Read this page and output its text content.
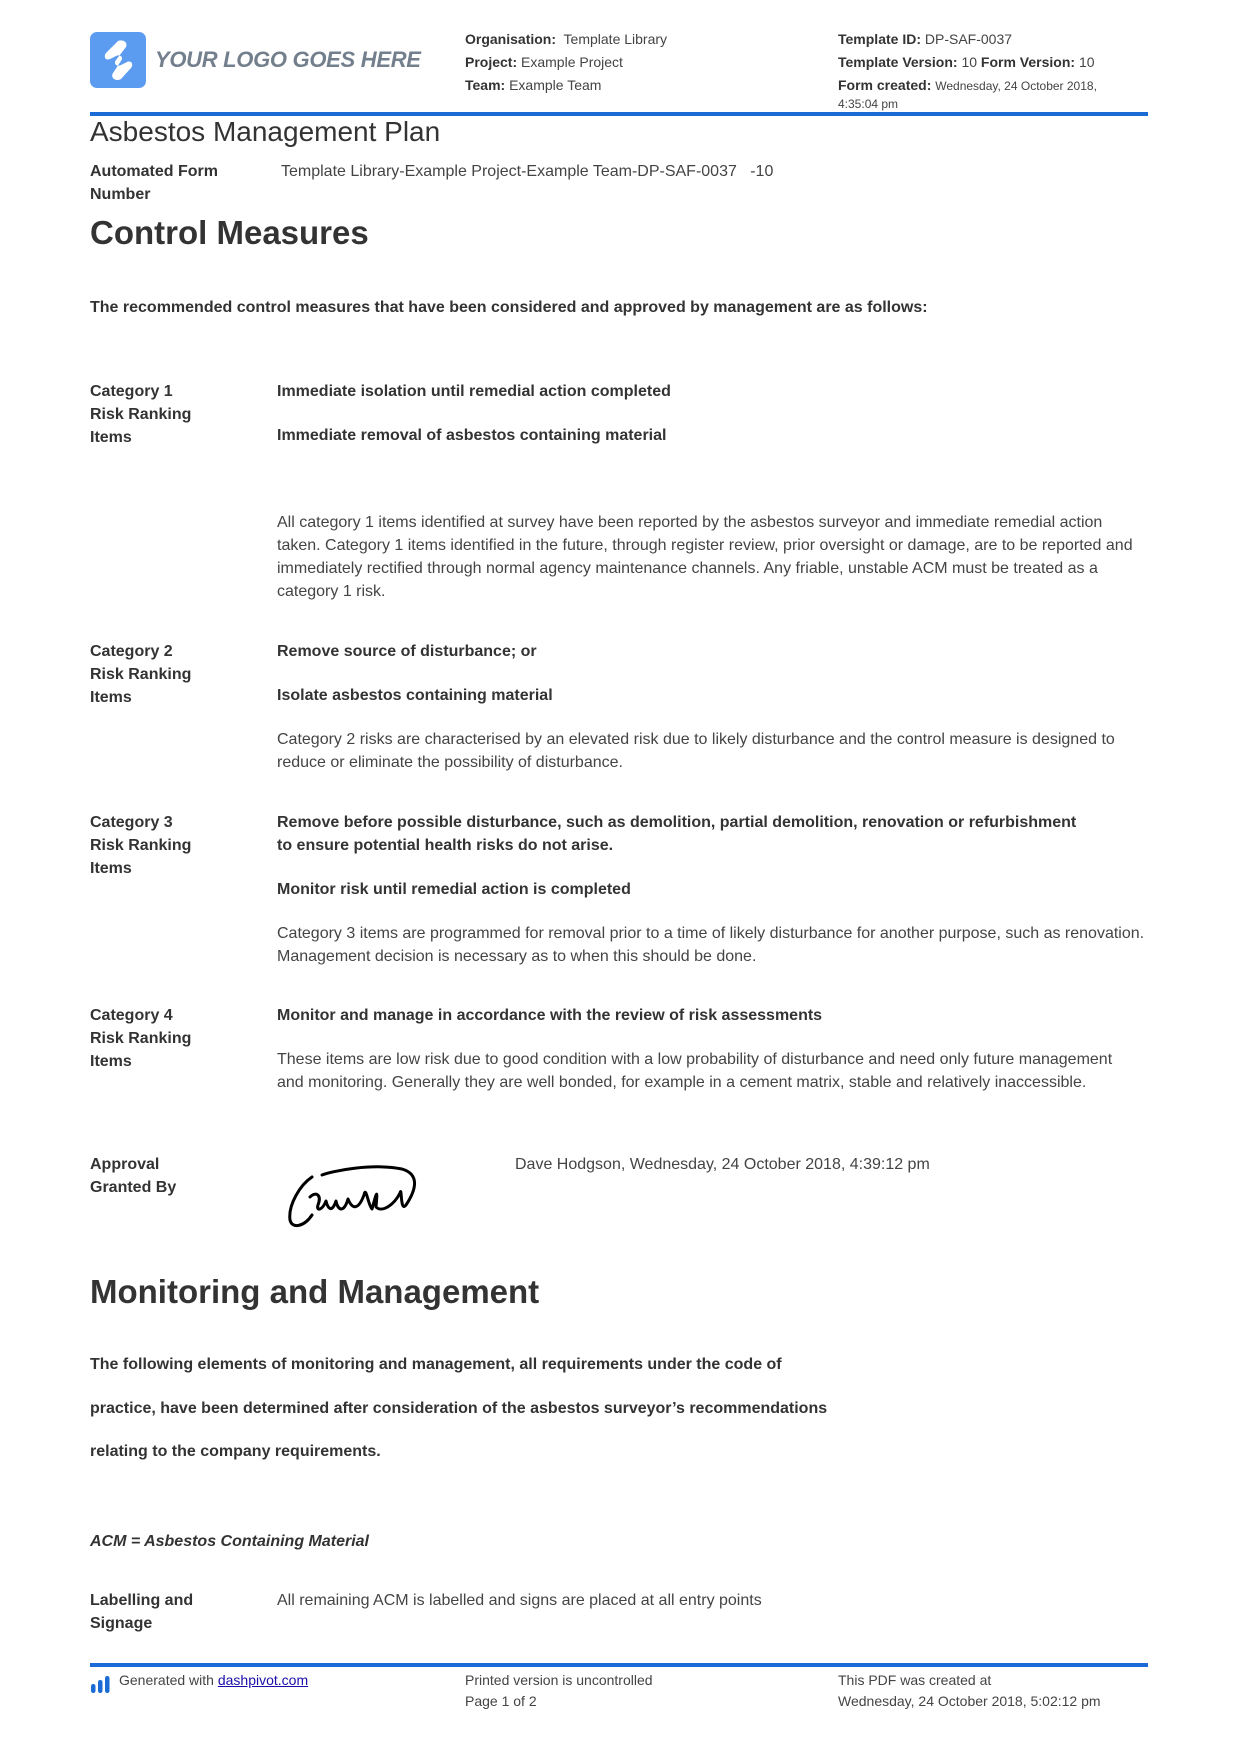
YOUR LOGO GOES HERE
Organisation: Template Library
Project: Example Project
Team: Example Team
Template ID: DP-SAF-0037
Template Version: 10 Form Version: 10
Form created: Wednesday, 24 October 2018, 4:35:04 pm
Asbestos Management Plan
Automated Form Number
Template Library-Example Project-Example Team-DP-SAF-0037   -10
Control Measures
The recommended control measures that have been considered and approved by management are as follows:
Category 1 Risk Ranking Items

Immediate isolation until remedial action completed

Immediate removal of asbestos containing material

All category 1 items identified at survey have been reported by the asbestos surveyor and immediate remedial action taken. Category 1 items identified in the future, through register review, prior oversight or damage, are to be reported and immediately rectified through normal agency maintenance channels. Any friable, unstable ACM must be treated as a category 1 risk.

Category 2 Risk Ranking Items

Remove source of disturbance; or

Isolate asbestos containing material

Category 2 risks are characterised by an elevated risk due to likely disturbance and the control measure is designed to reduce or eliminate the possibility of disturbance.

Category 3 Risk Ranking Items

Remove before possible disturbance, such as demolition, partial demolition, renovation or refurbishment to ensure potential health risks do not arise.

Monitor risk until remedial action is completed

Category 3 items are programmed for removal prior to a time of likely disturbance for another purpose, such as renovation. Management decision is necessary as to when this should be done.

Category 4 Risk Ranking Items

Monitor and manage in accordance with the review of risk assessments

These items are low risk due to good condition with a low probability of disturbance and need only future management and monitoring. Generally they are well bonded, for example in a cement matrix, stable and relatively inaccessible.

Approval Granted By
Dave Hodgson, Wednesday, 24 October 2018, 4:39:12 pm
Monitoring and Management
The following elements of monitoring and management, all requirements under the code of
practice, have been determined after consideration of the asbestos surveyor’s recommendations
relating to the company requirements.
ACM = Asbestos Containing Material
Labelling and Signage
All remaining ACM is labelled and signs are placed at all entry points
Generated with dashpivot.com	Printed version is uncontrolled
Page 1 of 2
This PDF was created at
Wednesday, 24 October 2018, 5:02:12 pm
